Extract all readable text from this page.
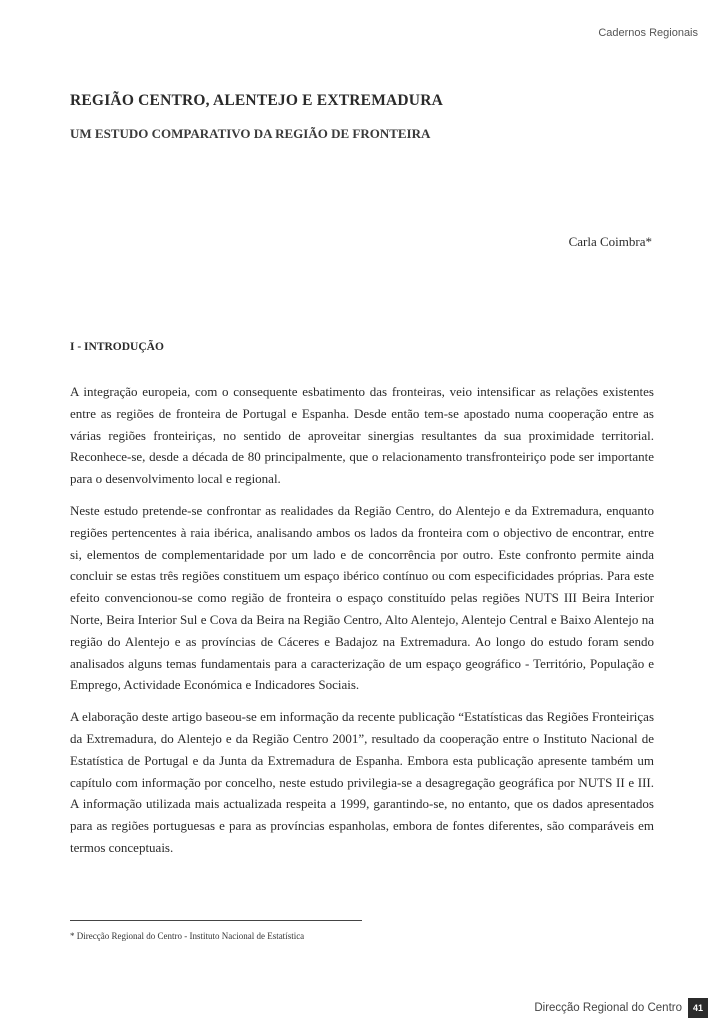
Cadernos Regionais
REGIÃO CENTRO, ALENTEJO E EXTREMADURA
UM ESTUDO COMPARATIVO DA REGIÃO DE FRONTEIRA
Carla Coimbra*
I - INTRODUÇÃO

A integração europeia, com o consequente esbatimento das fronteiras, veio intensificar as relações existentes entre as regiões de fronteira de Portugal e Espanha. Desde então tem-se apostado numa cooperação entre as várias regiões fronteiriças, no sentido de aproveitar sinergias resultantes da sua proximidade territorial. Reconhece-se, desde a década de 80 principalmente, que o relacionamento transfronteiriço pode ser importante para o desenvolvimento local e regional.

Neste estudo pretende-se confrontar as realidades da Região Centro, do Alentejo e da Extremadura, enquanto regiões pertencentes à raia ibérica, analisando ambos os lados da fronteira com o objectivo de encontrar, entre si, elementos de complementaridade por um lado e de concorrência por outro. Este confronto permite ainda concluir se estas três regiões constituem um espaço ibérico contínuo ou com especificidades próprias. Para este efeito convencionou-se como região de fronteira o espaço constituído pelas regiões NUTS III Beira Interior Norte, Beira Interior Sul e Cova da Beira na Região Centro, Alto Alentejo, Alentejo Central e Baixo Alentejo na região do Alentejo e as províncias de Cáceres e Badajoz na Extremadura. Ao longo do estudo foram sendo analisados alguns temas fundamentais para a caracterização de um espaço geográfico - Território, População e Emprego, Actividade Económica e Indicadores Sociais.

A elaboração deste artigo baseou-se em informação da recente publicação “Estatísticas das Regiões Fronteiriças da Extremadura, do Alentejo e da Região Centro 2001”, resultado da cooperação entre o Instituto Nacional de Estatística de Portugal e da Junta da Extremadura de Espanha. Embora esta publicação apresente também um capítulo com informação por concelho, neste estudo privilegia-se a desagregação geográfica por NUTS II e III. A informação utilizada mais actualizada respeita a 1999, garantindo-se, no entanto, que os dados apresentados para as regiões portuguesas e para as províncias espanholas, embora de fontes diferentes, são comparáveis em termos conceptuais.

* Direcção Regional do Centro - Instituto Nacional de Estatística
Direcção Regional do Centro	41
